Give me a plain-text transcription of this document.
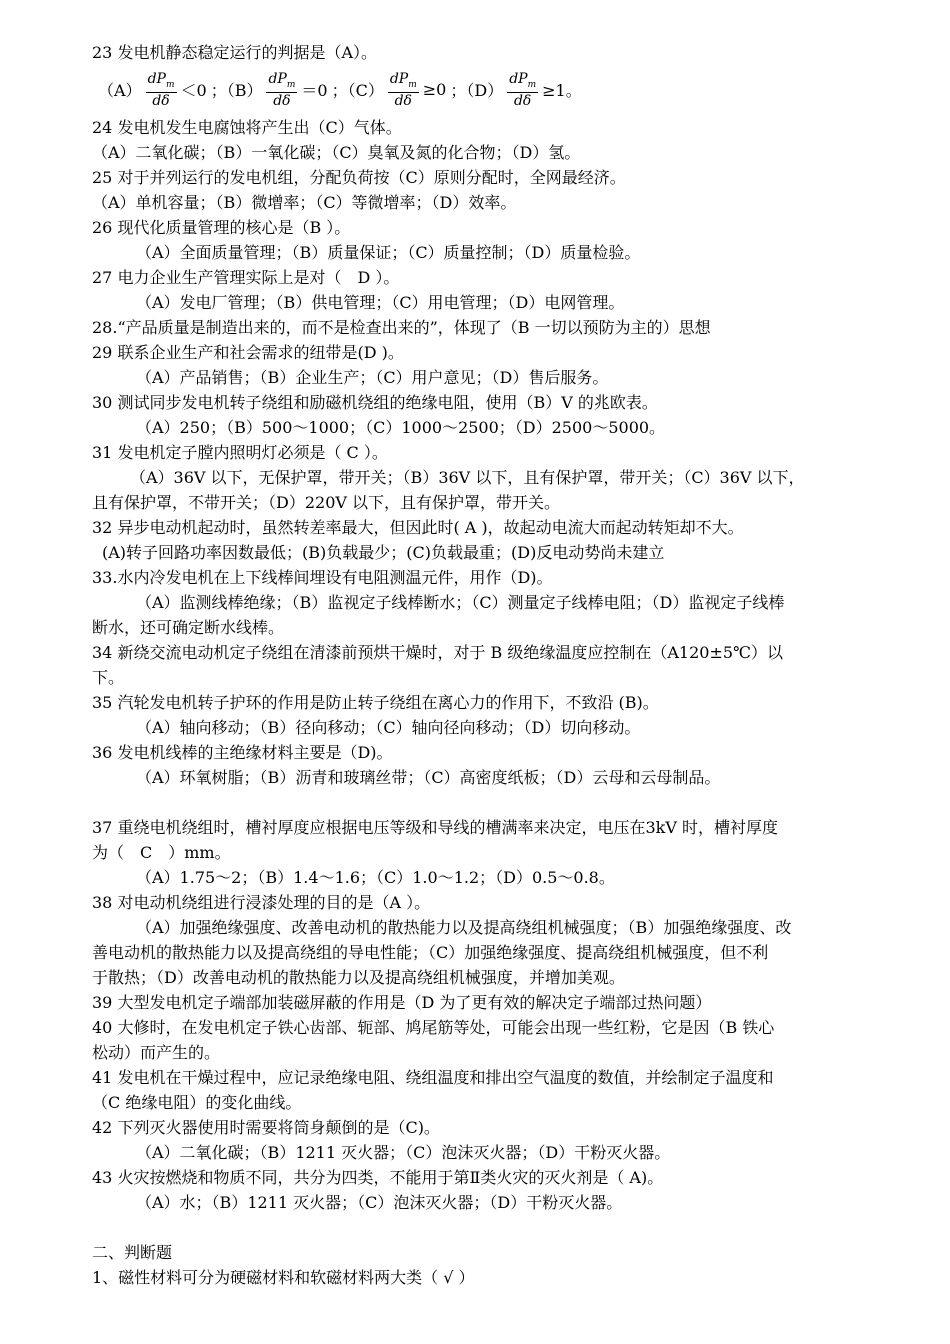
23 发电机静态稳定运行的判据是（A）。
$(A) \frac{dP_m}{d\delta} <0$ ；$(B) \frac{dP_m}{d\delta} =0$ ；$(C) \frac{dP_m}{d\delta} \ge 0$ ；$(D) \frac{dP_m}{d\delta} \ge 1$。
24 发电机发生电腐蚀将产生出（C）气体。
（A）二氧化碳；（B）一氧化碳；（C）臭氧及氮的化合物；（D）氢。
25 对于并列运行的发电机组，分配负荷按（C）原则分配时，全网最经济。
（A）单机容量；（B）微增率；（C）等微增率；（D）效率。
26 现代化质量管理的核心是（B ）。
（A）全面质量管理；（B）质量保证；（C）质量控制；（D）质量检验。
27 电力企业生产管理实际上是对（　D ）。
（A）发电厂管理；（B）供电管理；（C）用电管理；（D）电网管理。
28.“产品质量是制造出来的，而不是检查出来的”，体现了（B 一切以预防为主的）思想
29 联系企业生产和社会需求的纽带是(D )。
（A）产品销售；（B）企业生产；（C）用户意见；（D）售后服务。
30 测试同步发电机转子绕组和励磁机绕组的绝缘电阻，使用（B）V 的兆欧表。
（A）250；（B）500～1000；（C）1000～2500；（D）2500～5000。
31 发电机定子膛内照明灯必须是（ C ）。
（A）36V 以下，无保护罩，带开关；（B）36V 以下，且有保护罩，带开关；（C）36V 以下，
且有保护罩，不带开关；（D）220V 以下，且有保护罩，带开关。
32 异步电动机起动时，虽然转差率最大，但因此时( A )，故起动电流大而起动转矩却不大。
(A)转子回路功率因数最低；(B)负载最少；(C)负载最重；(D)反电动势尚未建立
33.水内冷发电机在上下线棒间埋设有电阻测温元件，用作（D)。
（A）监测线棒绝缘；（B）监视定子线棒断水；（C）测量定子线棒电阻；（D）监视定子线棒
断水，还可确定断水线棒。
34 新绕交流电动机定子绕组在清漆前预烘干燥时，对于 B 级绝缘温度应控制在（A120±5℃）以
下。
35 汽轮发电机转子护环的作用是防止转子绕组在离心力的作用下，不致沿 (B)。
（A）轴向移动；（B）径向移动；（C）轴向径向移动；（D）切向移动。
36 发电机线棒的主绝缘材料主要是（D)。
（A）环氧树脂；（B）沥青和玻璃丝带；（C）高密度纸板；（D）云母和云母制品。
37 重绕电机绕组时，槽衬厚度应根据电压等级和导线的槽满率来决定，电压在3kV 时，槽衬厚度
为（　C　）mm。
（A）1.75～2；（B）1.4～1.6；（C）1.0～1.2；（D）0.5～0.8。
38 对电动机绕组进行浸漆处理的目的是（A ）。
（A）加强绝缘强度、改善电动机的散热能力以及提高绕组机械强度；（B）加强绝缘强度、改
善电动机的散热能力以及提高绕组的导电性能；（C）加强绝缘强度、提高绕组机械强度，但不利
于散热；（D）改善电动机的散热能力以及提高绕组机械强度，并增加美观。
39 大型发电机定子端部加装磁屏蔽的作用是（D 为了更有效的解决定子端部过热问题）
40 大修时，在发电机定子铁心齿部、轭部、鸠尾筋等处，可能会出现一些红粉，它是因（B 铁心
松动）而产生的。
41 发电机在干燥过程中，应记录绝缘电阻、绕组温度和排出空气温度的数值，并绘制定子温度和
（C 绝缘电阻）的变化曲线。
42 下列灭火器使用时需要将筒身颠倒的是（C)。
（A）二氧化碳；（B）1211 灭火器；（C）泡沫灭火器；（D）干粉灭火器。
43 火灾按燃烧和物质不同，共分为四类，不能用于第Ⅱ类火灾的灭火剂是（ A)。
（A）水；（B）1211 灭火器；（C）泡沫灭火器；（D）干粉灭火器。
二、判断题
1、磁性材料可分为硬磁材料和软磁材料两大类（ √ ）
